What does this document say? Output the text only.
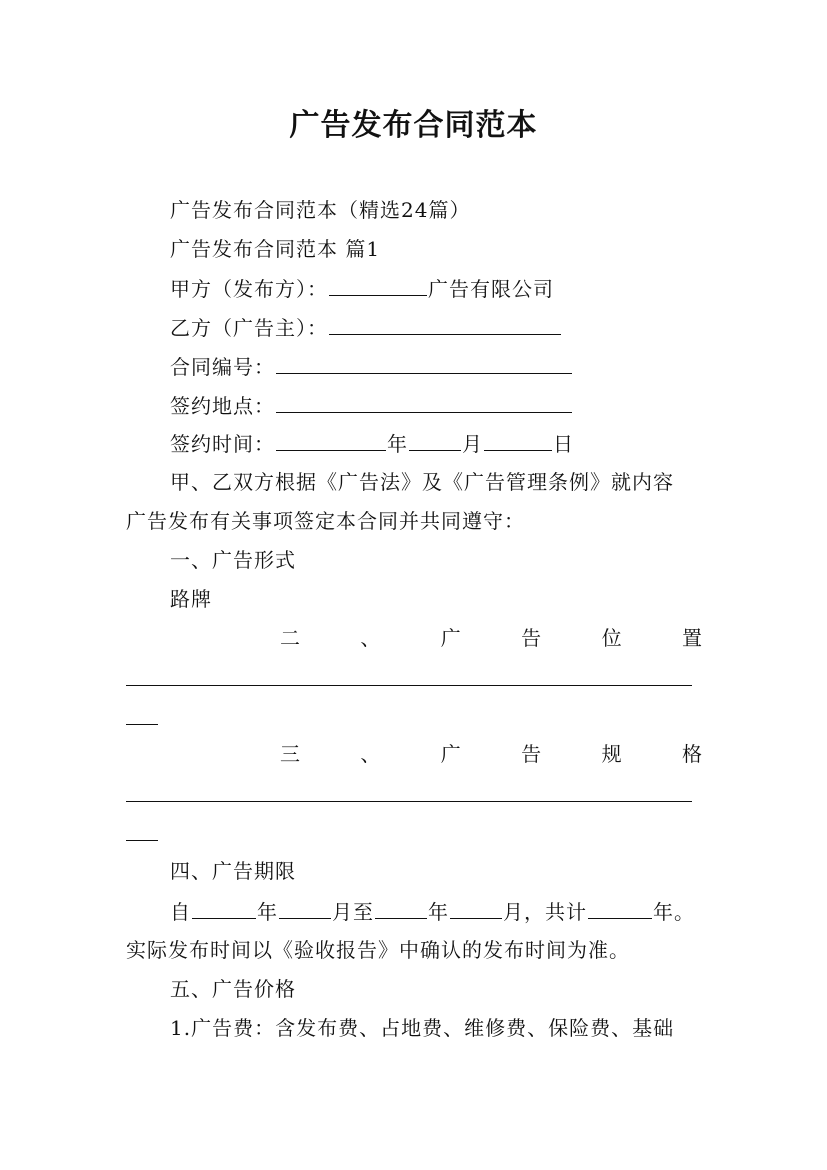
广告发布合同范本
广告发布合同范本（精选24篇）
广告发布合同范本 篇1
甲方（发布方）：	广告有限公司
乙方（广告主）：
合同编号：
签约地点：
签约时间：	年	月	日
甲、乙双方根据《广告法》及《广告管理条例》就内容
广告发布有关事项签定本合同并共同遵守：
一、广告形式
路牌
二	、	广	告	位	置
三	、	广	告	规	格
四、广告期限
自	年	月至	年	月，共计	年。
实际发布时间以《验收报告》中确认的发布时间为准。
五、广告价格
1.广告费：含发布费、占地费、维修费、保险费、基础
